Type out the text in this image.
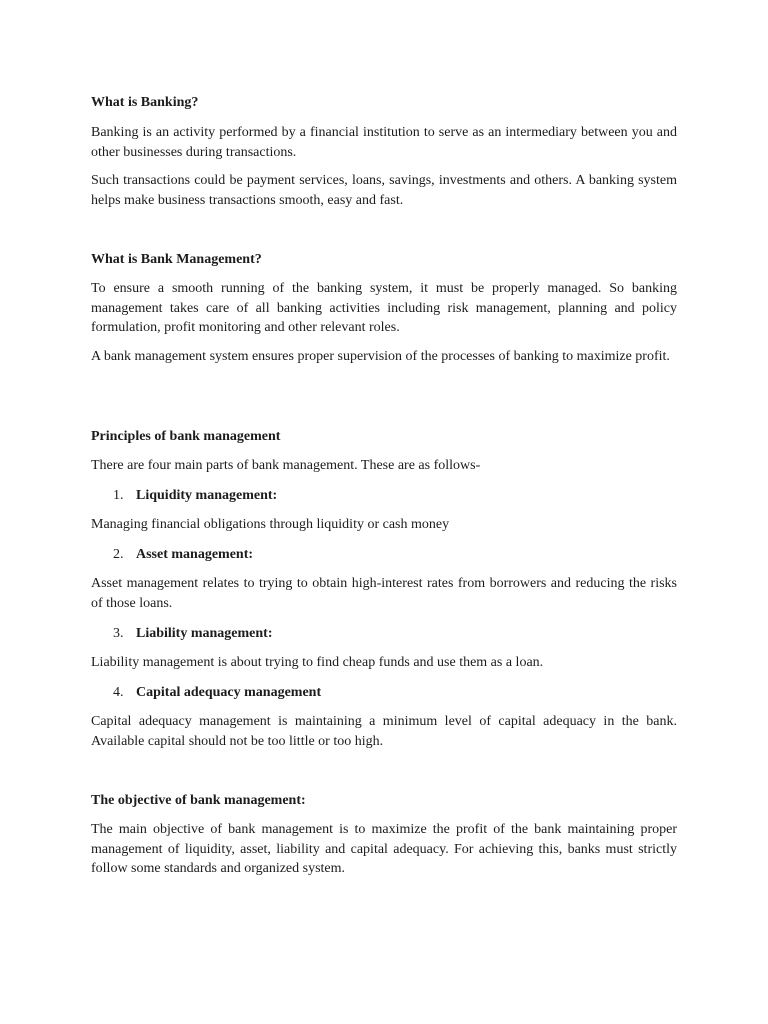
What is Banking?

Banking is an activity performed by a financial institution to serve as an intermediary between you and other businesses during transactions.

Such transactions could be payment services, loans, savings, investments and others. A banking system helps make business transactions smooth, easy and fast.

What is Bank Management?

To ensure a smooth running of the banking system, it must be properly managed. So banking management takes care of all banking activities including risk management, planning and policy formulation, profit monitoring and other relevant roles.

A bank management system ensures proper supervision of the processes of banking to maximize profit.

Principles of bank management

There are four main parts of bank management. These are as follows-

1. Liquidity management:

Managing financial obligations through liquidity or cash money

2. Asset management:

Asset management relates to trying to obtain high-interest rates from borrowers and reducing the risks of those loans.

3. Liability management:

Liability management is about trying to find cheap funds and use them as a loan.

4. Capital adequacy management

Capital adequacy management is maintaining a minimum level of capital adequacy in the bank. Available capital should not be too little or too high.

The objective of bank management:

The main objective of bank management is to maximize the profit of the bank maintaining proper management of liquidity, asset, liability and capital adequacy. For achieving this, banks must strictly follow some standards and organized system.
